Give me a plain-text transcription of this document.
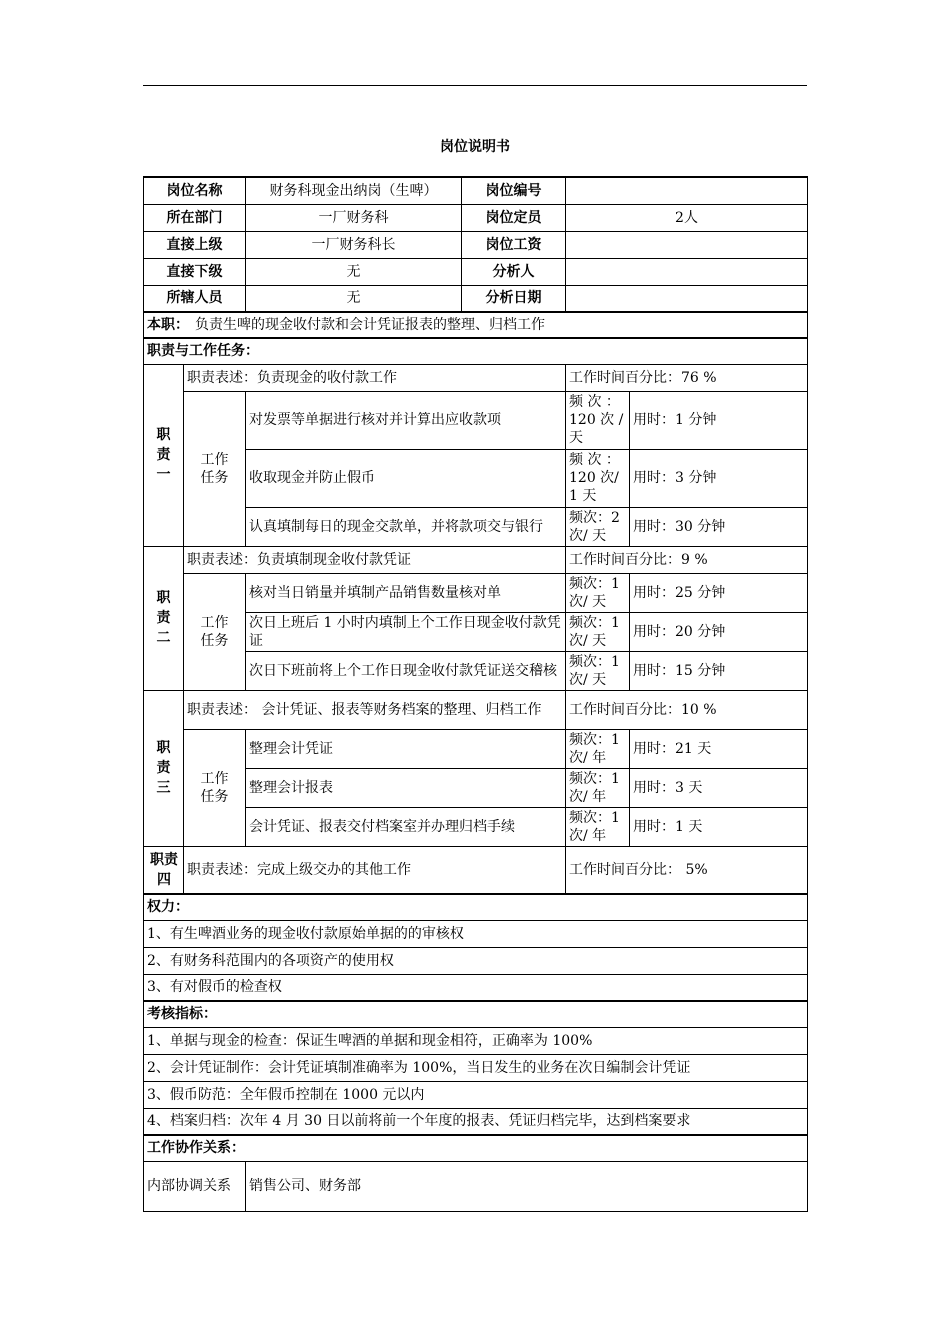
岗位说明书
岗位名称		财务科现金出纳岗（生啤）	岗位编号		
所在部门		一厂财务科	岗位定员	2人	
直接上级		一厂财务科长	岗位工资		
直接下级		无	分析人		
所辖人员		无	分析日期		
本职： 负责生啤的现金收付款和会计凭证报表的整理、归档工作					
职责与工作任务：					
职责一	职责表述：负责现金的收付款工作			工作时间百分比：76 %	
	工作任务	对发票等单据进行核对并计算出应收款项		频 次 ：120 次 / 天	用时：1 分钟
		收取现金并防止假币		频 次 ：120 次/1 天	用时：3 分钟
		认真填制每日的现金交款单，并将款项交与银行		频次：2 次/ 天	用时：30 分钟
职责二	职责表述：负责填制现金收付款凭证			工作时间百分比：9 %	
	工作任务	核对当日销量并填制产品销售数量核对单		频次：1 次/ 天	用时：25 分钟
		次日上班后 1 小时内填制上个工作日现金收付款凭证		频次：1 次/ 天	用时：20 分钟
		次日下班前将上个工作日现金收付款凭证送交稽核		频次：1 次/ 天	用时：15 分钟
职责三	职责表述： 会计凭证、报表等财务档案的整理、归档工作			工作时间百分比：10 %	
	工作任务	整理会计凭证		频次：1 次/ 年	用时：21 天
		整理会计报表		频次：1 次/ 年	用时：3 天
		会计凭证、报表交付档案室并办理归档手续		频次：1 次/ 年	用时：1 天
职责四	职责表述：完成上级交办的其他工作			工作时间百分比： 5%	
权力：					
1、有生啤酒业务的现金收付款原始单据的的审核权					
2、有财务科范围内的各项资产的使用权					
3、有对假币的检查权					
考核指标：					
1、单据与现金的检查：保证生啤酒的单据和现金相符，正确率为 100%					
2、会计凭证制作：会计凭证填制准确率为 100%，当日发生的业务在次日编制会计凭证					
3、假币防范：全年假币控制在 1000 元以内					
4、档案归档：次年 4 月 30 日以前将前一个年度的报表、凭证归档完毕，达到档案要求					
工作协作关系：					
内部协调关系		销售公司、财务部			
